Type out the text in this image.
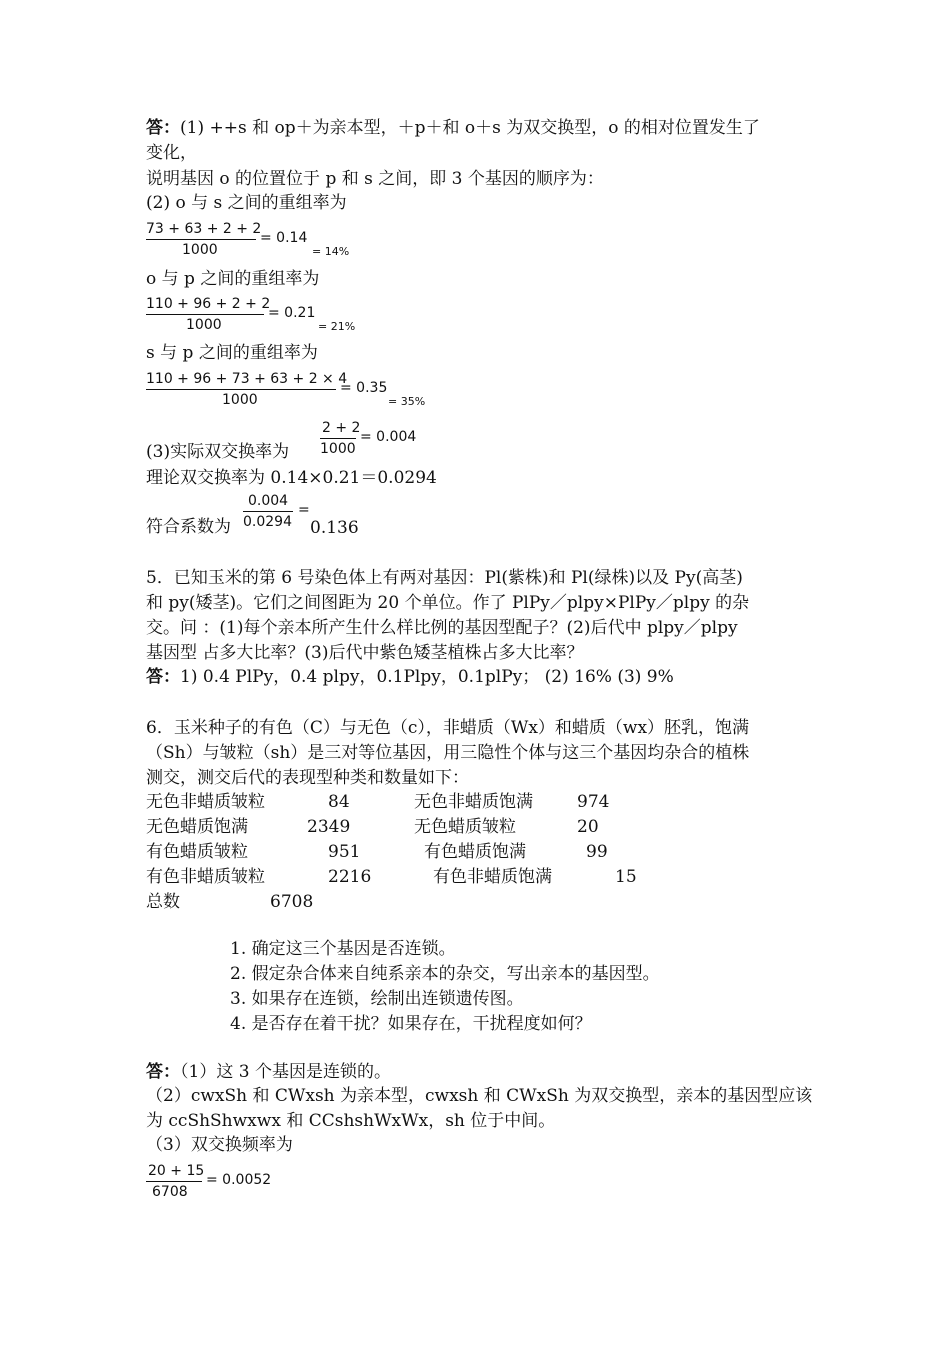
答：(1) ++s 和 op＋为亲本型，＋p＋和 o＋s 为双交换型，o 的相对位置发生了
变化，
说明基因 o 的位置位于 p 和 s 之间，即 3 个基因的顺序为：
(2) o 与 s 之间的重组率为
73 + 63 + 2 + 2
1000
= 0.14
= 14%
o 与 p 之间的重组率为
110 + 96 + 2 + 2
1000
= 0.21
= 21%
s 与 p 之间的重组率为
110 + 96 + 73 + 63 + 2 × 4
1000
= 0.35
= 35%
(3)实际双交换率为
2 + 2
1000
= 0.004
理论双交换率为 0.14×0.21＝0.0294
符合系数为
0.004
0.0294
=
0.136
5．已知玉米的第 6 号染色体上有两对基因：Pl(紫株)和 Pl(绿株)以及 Py(高茎)
和 py(矮茎)。它们之间图距为 20 个单位。作了 PlPy／plpy×PlPy／plpy 的杂
交。问 ：(1)每个亲本所产生什么样比例的基因型配子？(2)后代中 plpy／plpy
基因型 占多大比率？(3)后代中紫色矮茎植株占多大比率？
答：1) 0.4 PlPy，0.4 plpy，0.1Plpy，0.1plPy； (2) 16% (3) 9%
6．玉米种子的有色（C）与无色（c），非蜡质（Wx）和蜡质（wx）胚乳，饱满
（Sh）与皱粒（sh）是三对等位基因，用三隐性个体与这三个基因均杂合的植株
测交，测交后代的表现型种类和数量如下：
无色非蜡质皱粒	84	无色非蜡质饱满	974
无色蜡质饱满	2349	无色蜡质皱粒	20
有色蜡质皱粒	951	有色蜡质饱满	99
有色非蜡质皱粒	2216	有色非蜡质饱满	15
总数	6708
1. 确定这三个基因是否连锁。
2. 假定杂合体来自纯系亲本的杂交，写出亲本的基因型。
3. 如果存在连锁，绘制出连锁遗传图。
4. 是否存在着干扰？如果存在，干扰程度如何？
答：（1）这 3 个基因是连锁的。
（2）cwxSh 和 CWxsh 为亲本型，cwxsh 和 CWxSh 为双交换型，亲本的基因型应该
为 ccShShwxwx 和 CCshshWxWx，sh 位于中间。
（3）双交换频率为
20 + 15
6708
= 0.0052
